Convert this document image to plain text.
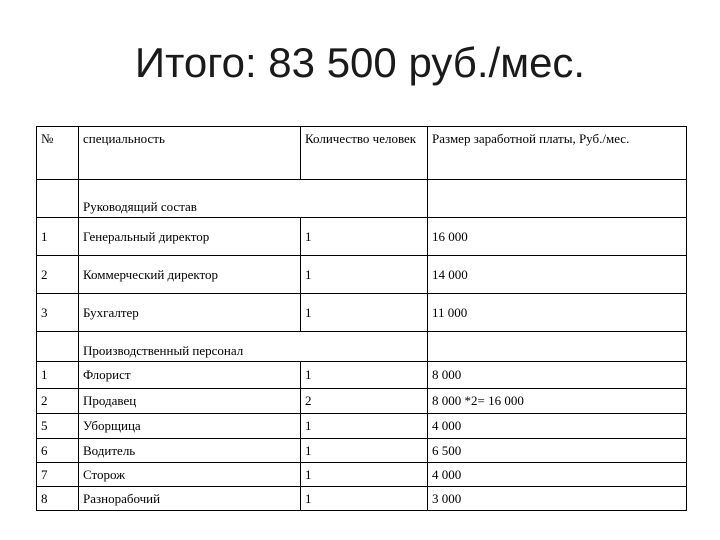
Итого: 83 500 руб./мес.
№	специальность	Количество человек	Размер заработной платы, Руб./мес.
	Руководящий состав		
1	Генеральный директор	1	16 000
2	Коммерческий директор	1	14 000
3	Бухгалтер	1	11 000
	Производственный персонал		
1	Флорист	1	8 000
2	Продавец	2	8 000 *2= 16 000
5	Уборщица	1	4 000
6	Водитель	1	6 500
7	Сторож	1	4 000
8	Разнорабочий	1	3 000
